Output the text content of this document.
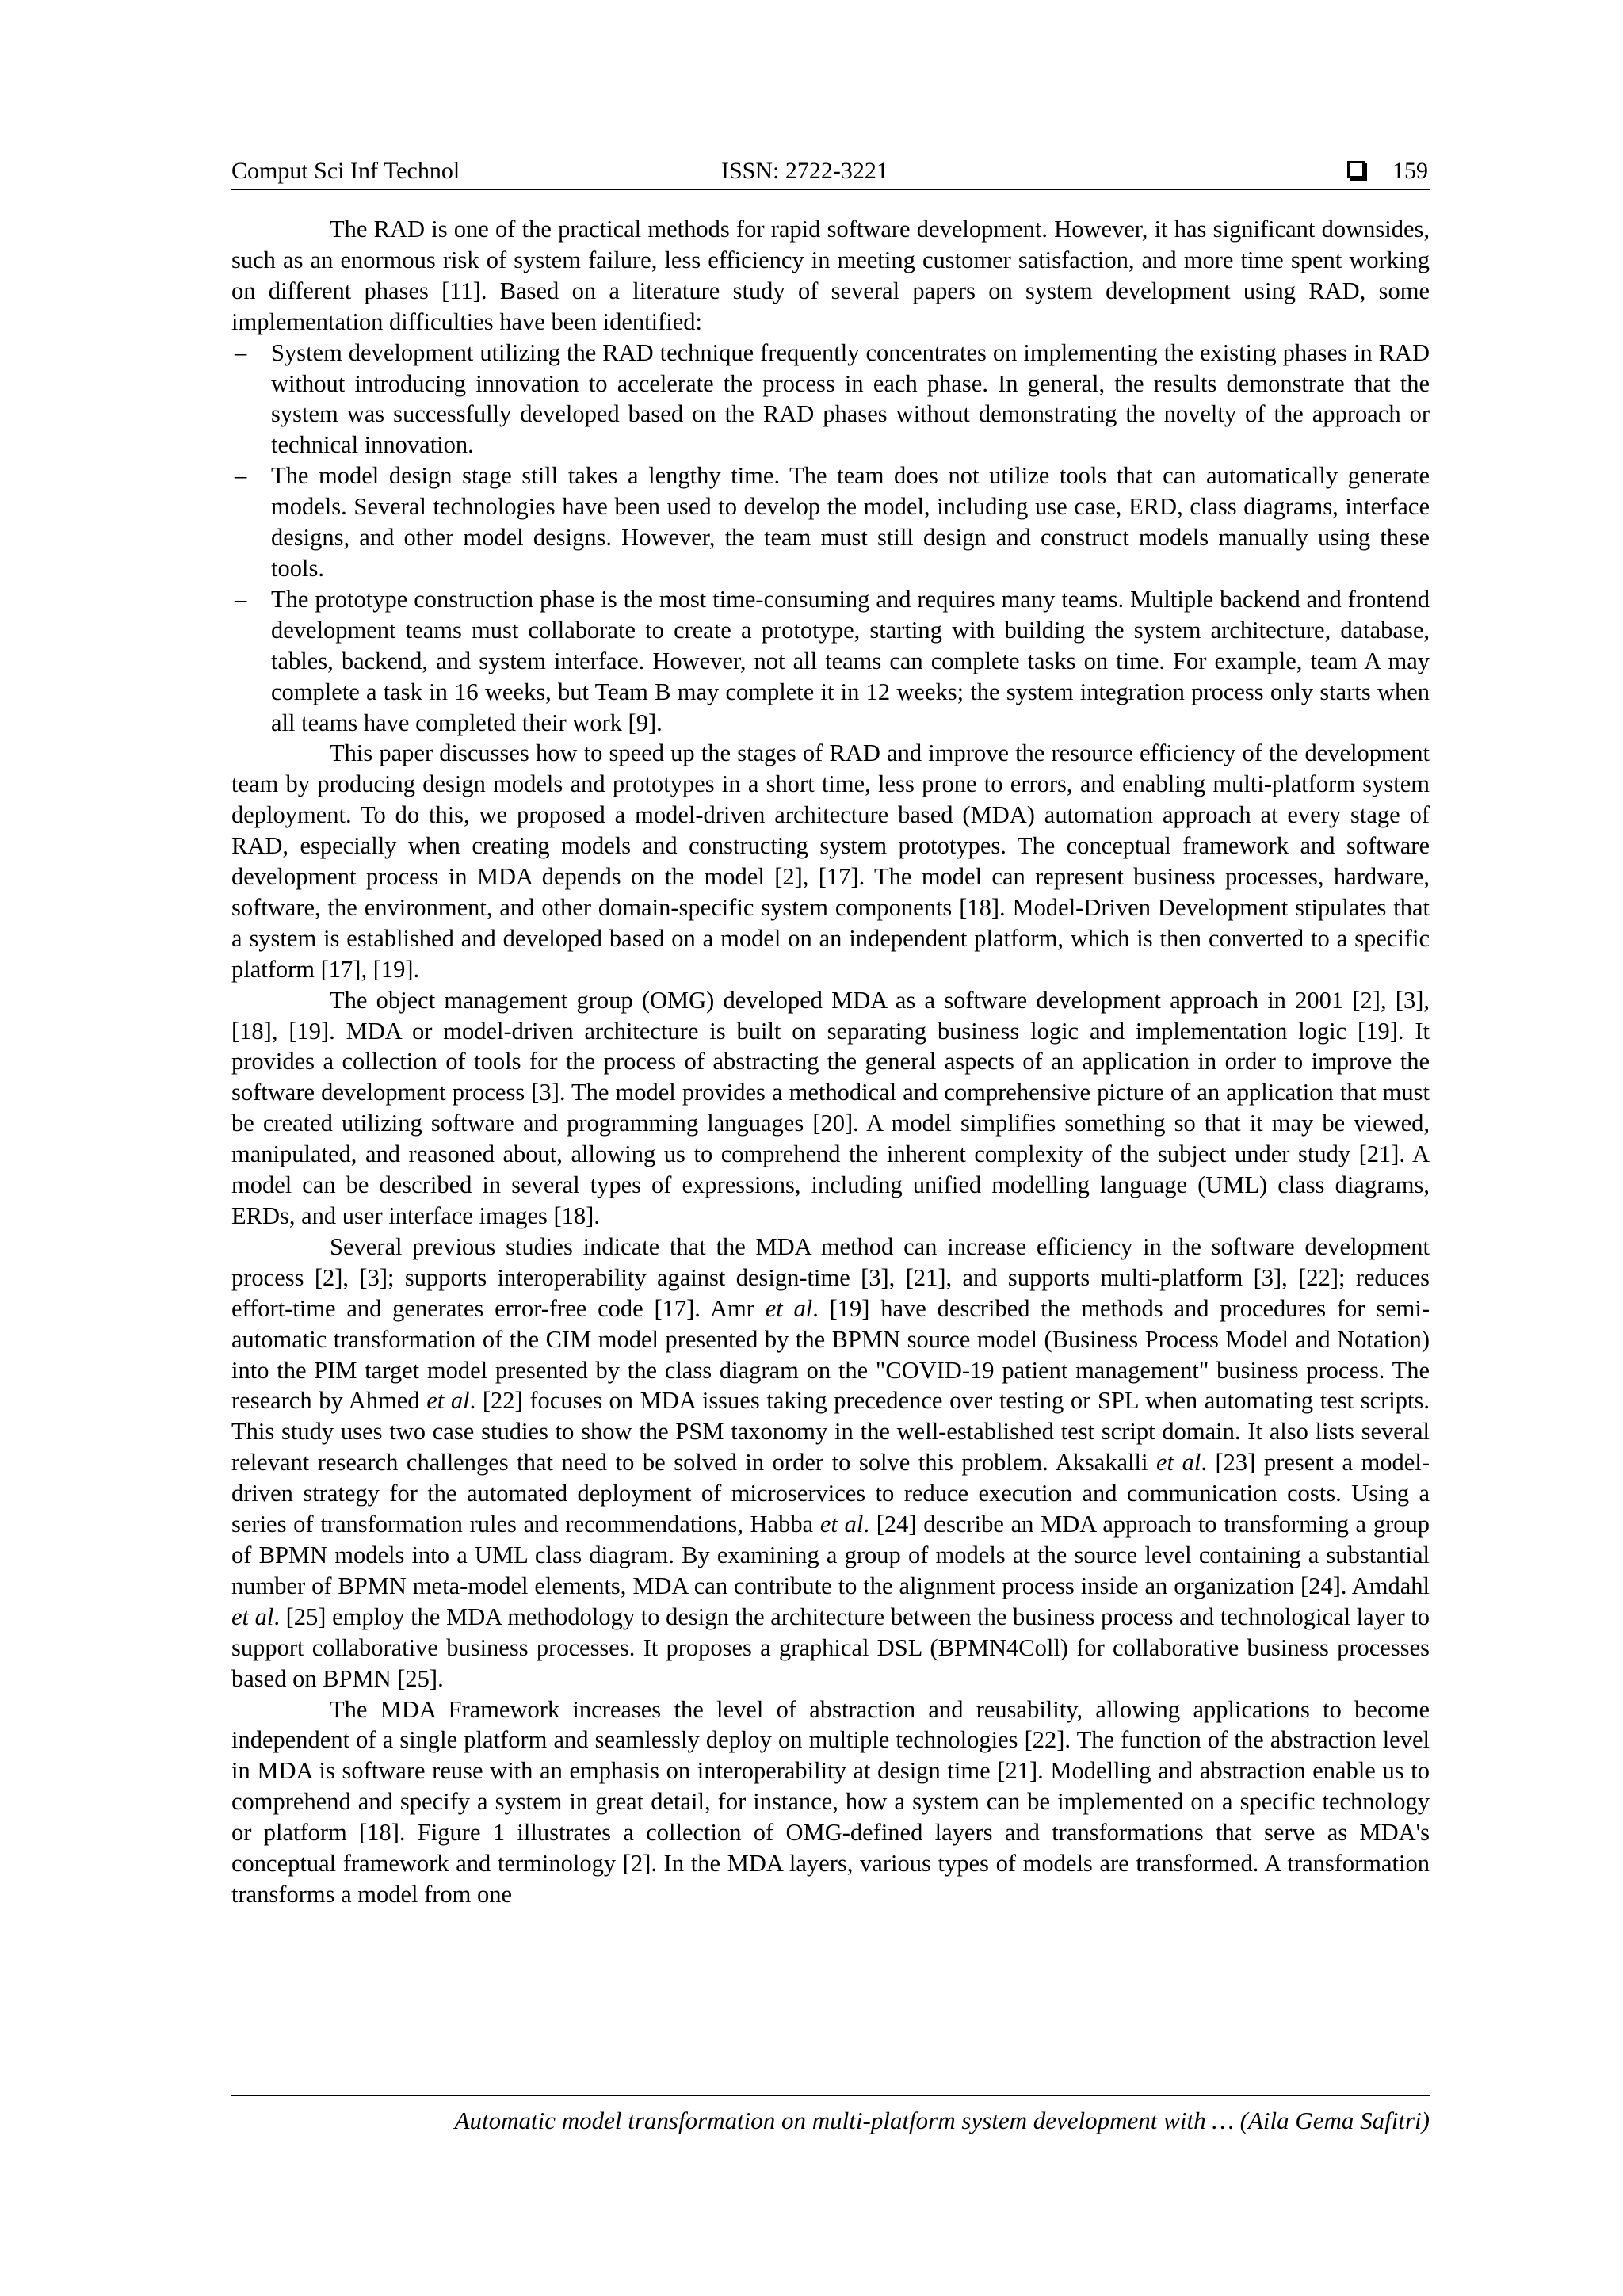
Comput Sci Inf Technol	ISSN: 2722-3221	159

The RAD is one of the practical methods for rapid software development. However, it has significant downsides, such as an enormous risk of system failure, less efficiency in meeting customer satisfaction, and more time spent working on different phases [11]. Based on a literature study of several papers on system development using RAD, some implementation difficulties have been identified:

– System development utilizing the RAD technique frequently concentrates on implementing the existing phases in RAD without introducing innovation to accelerate the process in each phase. In general, the results demonstrate that the system was successfully developed based on the RAD phases without demonstrating the novelty of the approach or technical innovation.
– The model design stage still takes a lengthy time. The team does not utilize tools that can automatically generate models. Several technologies have been used to develop the model, including use case, ERD, class diagrams, interface designs, and other model designs. However, the team must still design and construct models manually using these tools.
– The prototype construction phase is the most time-consuming and requires many teams. Multiple backend and frontend development teams must collaborate to create a prototype, starting with building the system architecture, database, tables, backend, and system interface. However, not all teams can complete tasks on time. For example, team A may complete a task in 16 weeks, but Team B may complete it in 12 weeks; the system integration process only starts when all teams have completed their work [9].

This paper discusses how to speed up the stages of RAD and improve the resource efficiency of the development team by producing design models and prototypes in a short time, less prone to errors, and enabling multi-platform system deployment. To do this, we proposed a model-driven architecture based (MDA) automation approach at every stage of RAD, especially when creating models and constructing system prototypes. The conceptual framework and software development process in MDA depends on the model [2], [17]. The model can represent business processes, hardware, software, the environment, and other domain-specific system components [18]. Model-Driven Development stipulates that a system is established and developed based on a model on an independent platform, which is then converted to a specific platform [17], [19].

The object management group (OMG) developed MDA as a software development approach in 2001 [2], [3], [18], [19]. MDA or model-driven architecture is built on separating business logic and implementation logic [19]. It provides a collection of tools for the process of abstracting the general aspects of an application in order to improve the software development process [3]. The model provides a methodical and comprehensive picture of an application that must be created utilizing software and programming languages [20]. A model simplifies something so that it may be viewed, manipulated, and reasoned about, allowing us to comprehend the inherent complexity of the subject under study [21]. A model can be described in several types of expressions, including unified modelling language (UML) class diagrams, ERDs, and user interface images [18].

Several previous studies indicate that the MDA method can increase efficiency in the software development process [2], [3]; supports interoperability against design-time [3], [21], and supports multi-platform [3], [22]; reduces effort-time and generates error-free code [17]. Amr et al. [19] have described the methods and procedures for semi-automatic transformation of the CIM model presented by the BPMN source model (Business Process Model and Notation) into the PIM target model presented by the class diagram on the "COVID-19 patient management" business process. The research by Ahmed et al. [22] focuses on MDA issues taking precedence over testing or SPL when automating test scripts. This study uses two case studies to show the PSM taxonomy in the well-established test script domain. It also lists several relevant research challenges that need to be solved in order to solve this problem. Aksakalli et al. [23] present a model-driven strategy for the automated deployment of microservices to reduce execution and communication costs. Using a series of transformation rules and recommendations, Habba et al. [24] describe an MDA approach to transforming a group of BPMN models into a UML class diagram. By examining a group of models at the source level containing a substantial number of BPMN meta-model elements, MDA can contribute to the alignment process inside an organization [24]. Amdahl et al. [25] employ the MDA methodology to design the architecture between the business process and technological layer to support collaborative business processes. It proposes a graphical DSL (BPMN4Coll) for collaborative business processes based on BPMN [25].

The MDA Framework increases the level of abstraction and reusability, allowing applications to become independent of a single platform and seamlessly deploy on multiple technologies [22]. The function of the abstraction level in MDA is software reuse with an emphasis on interoperability at design time [21]. Modelling and abstraction enable us to comprehend and specify a system in great detail, for instance, how a system can be implemented on a specific technology or platform [18]. Figure 1 illustrates a collection of OMG-defined layers and transformations that serve as MDA's conceptual framework and terminology [2]. In the MDA layers, various types of models are transformed. A transformation transforms a model from one

Automatic model transformation on multi-platform system development with … (Aila Gema Safitri)
